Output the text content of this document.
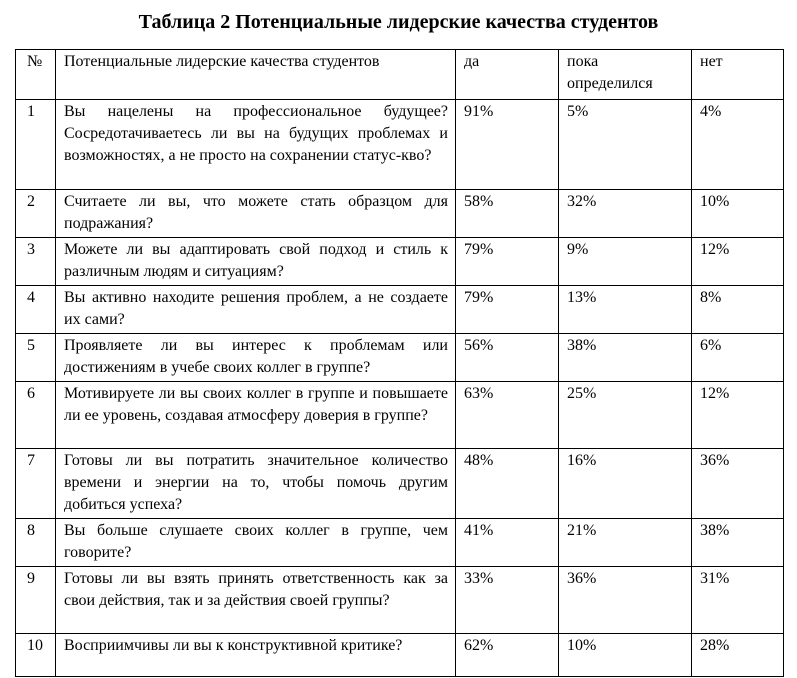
Таблица 2 Потенциальные лидерские качества студентов
№	Потенциальные лидерские качества студентов	да	пока определился	нет
1	Вы нацелены на профессиональное будущее? Сосредотачиваетесь ли вы на будущих проблемах и возможностях, а не просто на сохранении статус-кво?	91%	5%	4%
2	Считаете ли вы, что можете стать образцом для подражания?	58%	32%	10%
3	Можете ли вы адаптировать свой подход и стиль к различным людям и ситуациям?	79%	9%	12%
4	Вы активно находите решения проблем, а не создаете их сами?	79%	13%	8%
5	Проявляете ли вы интерес к проблемам или достижениям в учебе своих коллег в группе?	56%	38%	6%
6	Мотивируете ли вы своих коллег в группе и повышаете ли ее уровень, создавая атмосферу доверия в группе?	63%	25%	12%
7	Готовы ли вы потратить значительное количество времени и энергии на то, чтобы помочь другим добиться успеха?	48%	16%	36%
8	Вы больше слушаете своих коллег в группе, чем говорите?	41%	21%	38%
9	Готовы ли вы взять принять ответственность как за свои действия, так и за действия своей группы?	33%	36%	31%
10	Восприимчивы ли вы к конструктивной критике?	62%	10%	28%
